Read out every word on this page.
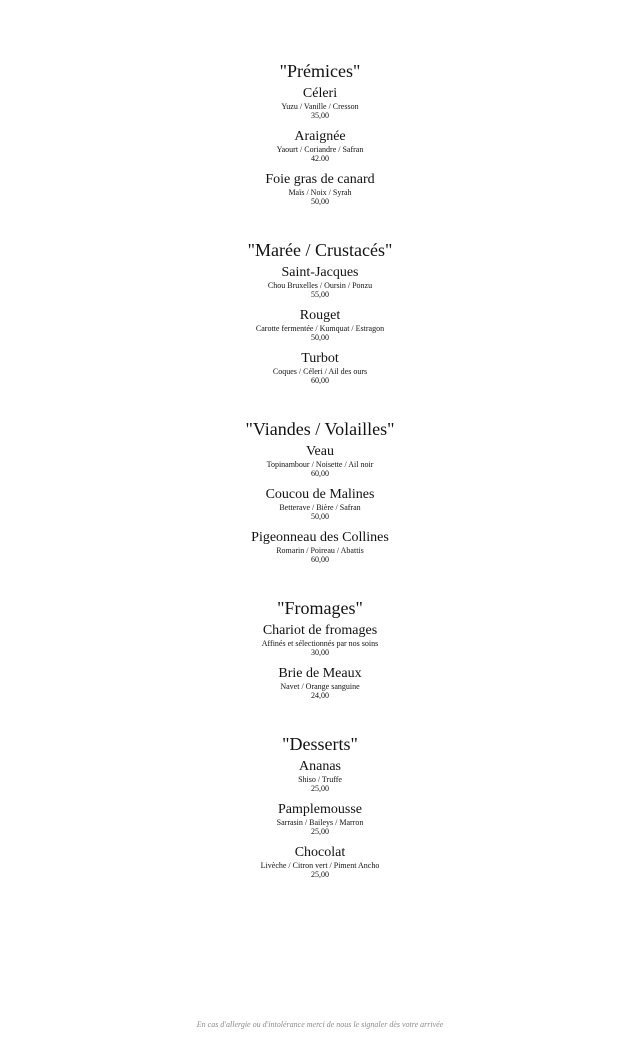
"Prémices"
Céleri
Yuzu / Vanille / Cresson
35,00
Araignée
Yaourt / Coriandre / Safran
42.00
Foie gras de canard
Maïs / Noix / Syrah
50,00
"Marée / Crustacés"
Saint-Jacques
Chou Bruxelles / Oursin / Ponzu
55,00
Rouget
Carotte fermentée / Kumquat / Estragon
50,00
Turbot
Coques / Céleri / Ail des ours
60,00
"Viandes / Volailles"
Veau
Topinambour / Noisette / Ail noir
60,00
Coucou de Malines
Betterave / Bière / Safran
50,00
Pigeonneau des Collines
Romarin / Poireau / Abattis
60,00
"Fromages"
Chariot de fromages
Affinés et sélectionnés par nos soins
30,00
Brie de Meaux
Navet / Orange sanguine
24,00
"Desserts"
Ananas
Shiso / Truffe
25,00
Pamplemousse
Sarrasin / Baileys / Marron
25,00
Chocolat
Livèche / Citron vert / Piment Ancho
25,00
En cas d'allergie ou d'intolérance merci de nous le signaler dès votre arrivée
